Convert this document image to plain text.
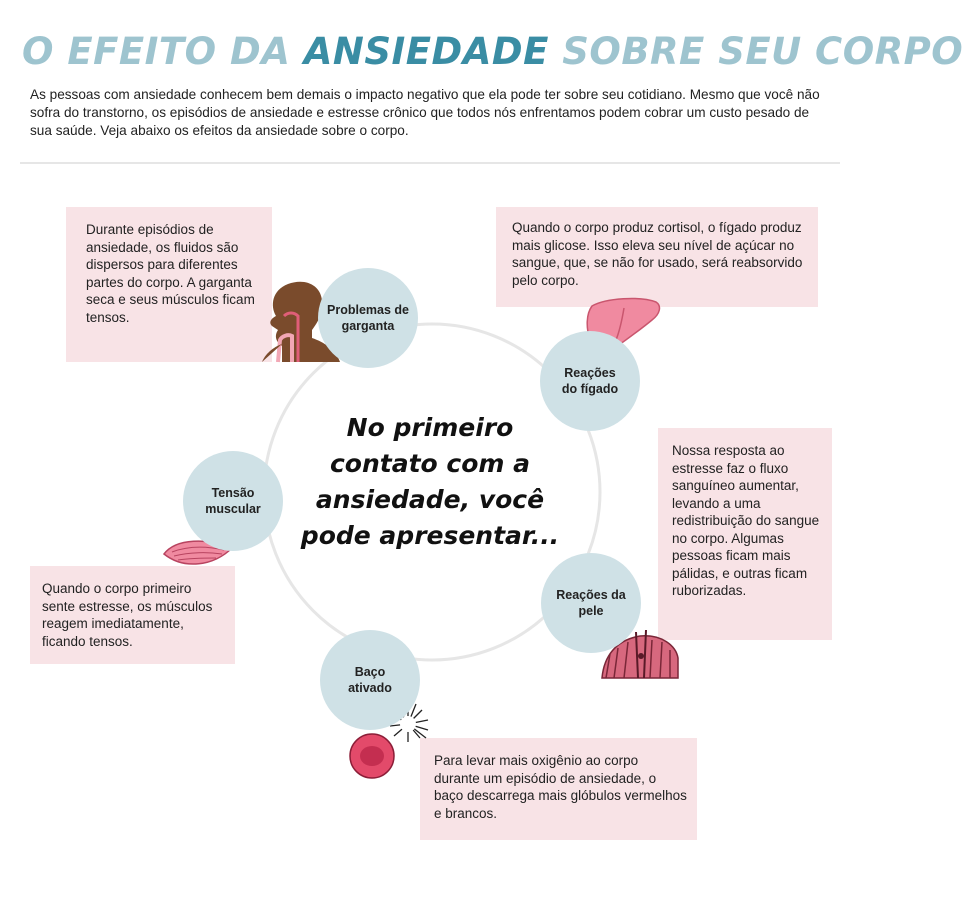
O EFEITO DA ANSIEDADE SOBRE SEU CORPO
As pessoas com ansiedade conhecem bem demais o impacto negativo que ela pode ter sobre seu cotidiano. Mesmo que você não sofra do transtorno, os episódios de ansiedade e estresse crônico que todos nós enfrentamos podem cobrar um custo pesado de sua saúde. Veja abaixo os efeitos da ansiedade sobre o corpo.
Durante episódios de ansiedade, os fluidos são dispersos para diferentes partes do corpo. A garganta seca e seus músculos ficam tensos.
Quando o corpo produz cortisol, o fígado produz mais glicose. Isso eleva seu nível de açúcar no sangue, que, se não for usado, será reabsorvido pelo corpo.
Nossa resposta ao estresse faz o fluxo sanguíneo aumentar, levando a uma redistribuição do sangue no corpo. Algumas pessoas ficam mais pálidas, e outras ficam ruborizadas.
Quando o corpo primeiro sente estresse, os músculos reagem imediatamente, ficando tensos.
Para levar mais oxigênio ao corpo durante um episódio de ansiedade, o baço descarrega mais glóbulos vermelhos e brancos.
Problemas de garganta
Reações do fígado
Tensão muscular
Reações da pele
Baço ativado
No primeiro contato com a ansiedade, você pode apresentar...
